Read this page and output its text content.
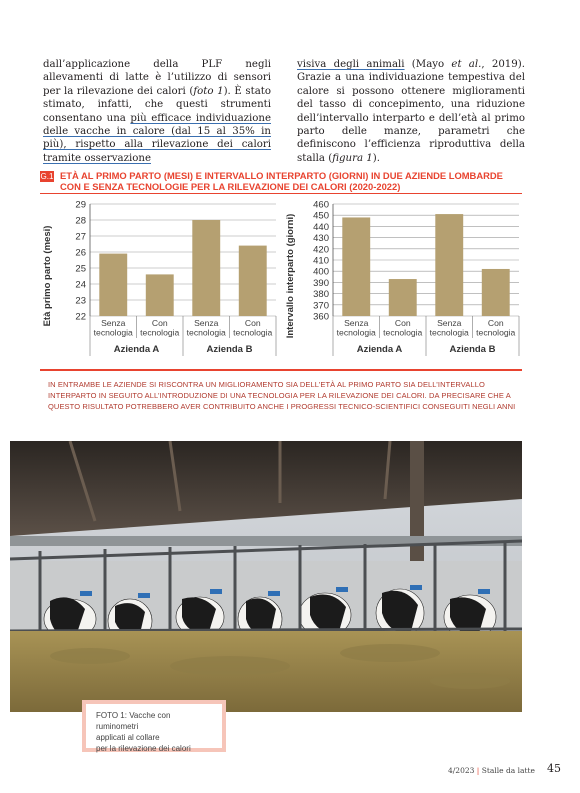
dall’applicazione della PLF negli allevamenti di latte è l’utilizzo di sensori per la rilevazione dei calori (foto 1). È stato stimato, infatti, che questi strumenti consentano una più efficace individuazione delle vacche in calore (dal 15 al 35% in più), rispetto alla rilevazione dei calori tramite osservazione

visiva degli animali (Mayo et al., 2019). Grazie a una individuazione tempestiva del calore si possono ottenere miglioramenti del tasso di concepimento, una riduzione dell’intervallo interparto e dell’età al primo parto delle manze, parametri che definiscono l’efficienza riproduttiva della stalla (figura 1).

G.1 ETÀ AL PRIMO PARTO (MESI) E INTERVALLO INTERPARTO (GIORNI) IN DUE AZIENDE LOMBARDE CON E SENZA TECNOLOGIE PER LA RILEVAZIONE DEI CALORI (2020-2022)
Età primo parto (mesi) 22
23
24
25
26
27
28
29
Senza
tecnologia
Con
tecnologia
Senza
tecnologia
Con
tecnologia
Azienda A	Azienda B
Intervallo interparto (giorni) 360
370
380
390
400
410
420
430
440
450
460
Senza
tecnologia
Con
tecnologia
Senza
tecnologia
Con
tecnologia
Azienda A	Azienda B
IN ENTRAMBE LE AZIENDE SI RISCONTRA UN MIGLIORAMENTO SIA DELL’ETÀ AL PRIMO PARTO SIA DELL’INTERVALLO INTERPARTO IN SEGUITO ALL’INTRODUZIONE DI UNA TECNOLOGIA PER LA RILEVAZIONE DEI CALORI. DA PRECISARE CHE A QUESTO RISULTATO POTREBBERO AVER CONTRIBUITO ANCHE I PROGRESSI TECNICO-SCIENTIFICI CONSEGUITI NEGLI ANNI
FOTO 1: Vacche con ruminometri
applicati al collare
per la rilevazione dei calori
4/2023 | Stalle da latte 45
